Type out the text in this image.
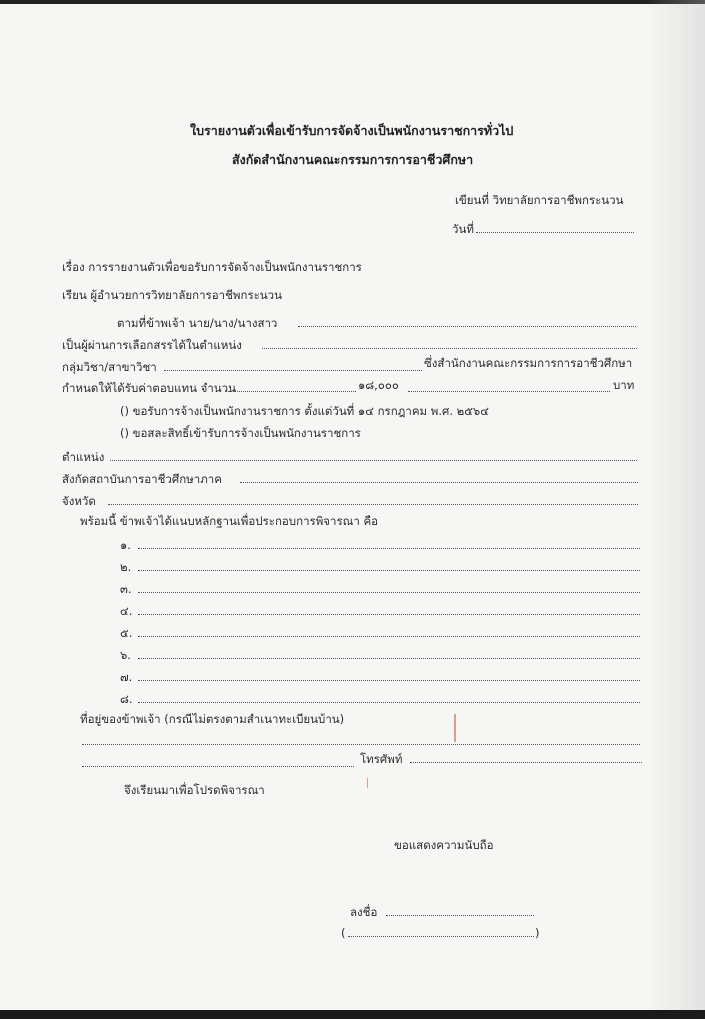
ใบรายงานตัวเพื่อเข้ารับการจัดจ้างเป็นพนักงานราชการทั่วไป
สังกัดสำนักงานคณะกรรมการการอาชีวศึกษา
เขียนที่ วิทยาลัยการอาชีพกระนวน
วันที่
เรื่อง การรายงานตัวเพื่อขอรับการจัดจ้างเป็นพนักงานราชการ
เรียน ผู้อำนวยการวิทยาลัยการอาชีพกระนวน
ตามที่ข้าพเจ้า นาย/นาง/นางสาว
เป็นผู้ผ่านการเลือกสรรได้ในตำแหน่ง
กลุ่มวิชา/สาขาวิชา	ซึ่งสำนักงานคณะกรรมการการอาชีวศึกษา
กำหนดให้ได้รับค่าตอบแทน จำนวน	๑๘,๐๐๐	บาท
() ขอรับการจ้างเป็นพนักงานราชการ ตั้งแต่วันที่ ๑๔ กรกฎาคม พ.ศ. ๒๕๖๔
() ขอสละสิทธิ์เข้ารับการจ้างเป็นพนักงานราชการ
ตำแหน่ง
สังกัดสถาบันการอาชีวศึกษาภาค
จังหวัด
พร้อมนี้ ข้าพเจ้าได้แนบหลักฐานเพื่อประกอบการพิจารณา คือ
๑.
๒.
๓.
๔.
๕.
๖.
๗.
๘.
ที่อยู่ของข้าพเจ้า (กรณีไม่ตรงตามสำเนาทะเบียนบ้าน)
โทรศัพท์
จึงเรียนมาเพื่อโปรดพิจารณา
ขอแสดงความนับถือ
ลงชื่อ
(	)
